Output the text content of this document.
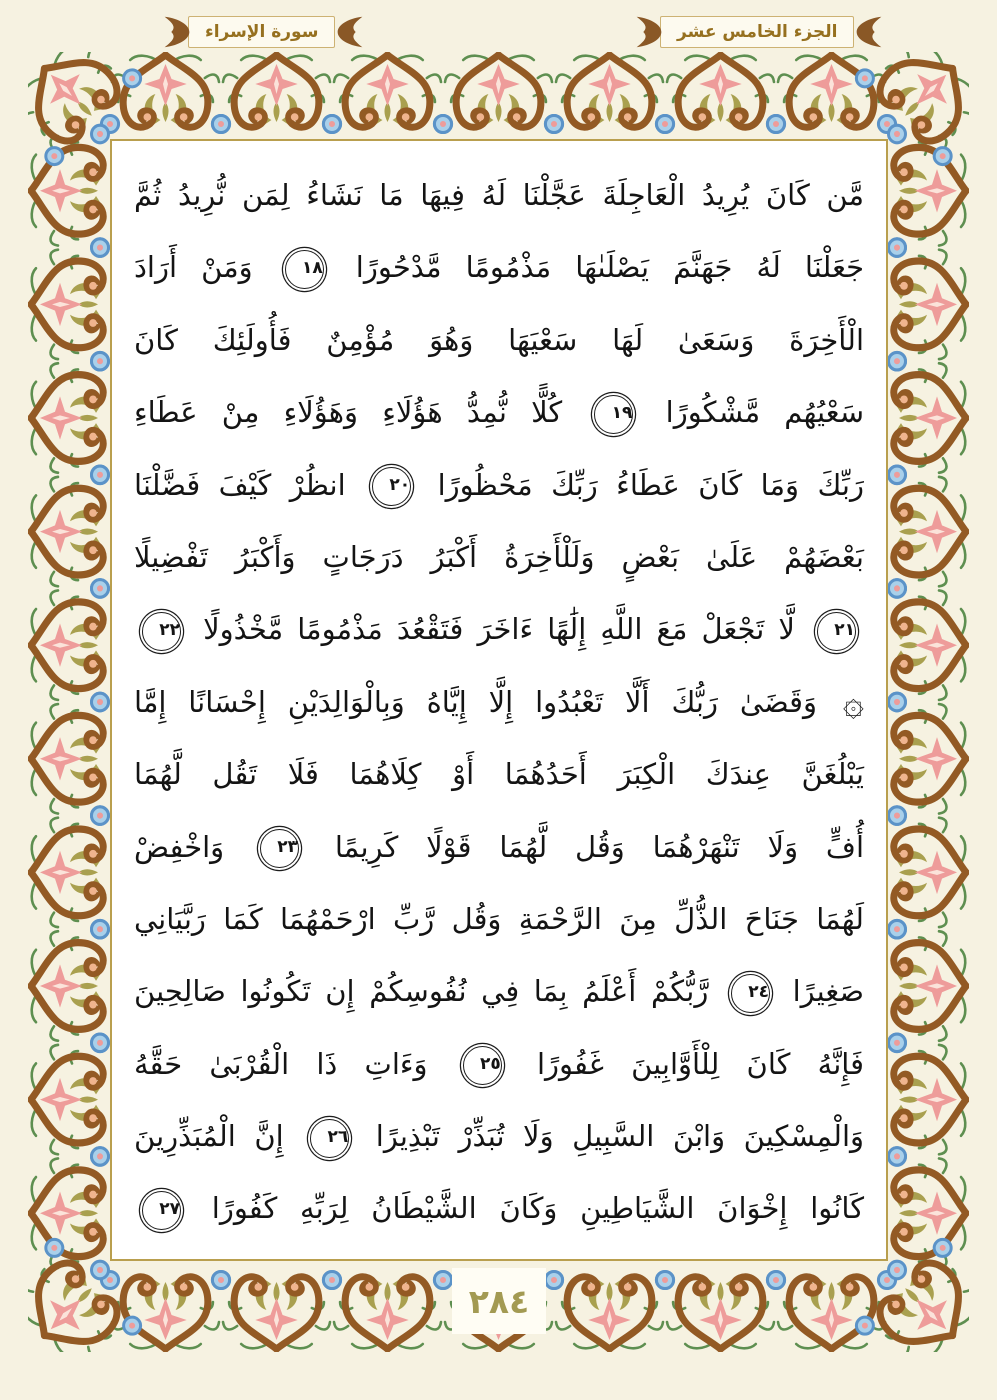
الجزء الخامس عشر
سورة الإسراء
مَّن كَانَ يُرِيدُ الْعَاجِلَةَ عَجَّلْنَا لَهُ فِيهَا مَا نَشَاءُ لِمَن نُّرِيدُ ثُمَّ
جَعَلْنَا لَهُ جَهَنَّمَ يَصْلَىٰهَا مَذْمُومًا مَّدْحُورًا ١٨ وَمَنْ أَرَادَ
الْأَخِرَةَ وَسَعَىٰ لَهَا سَعْيَهَا وَهُوَ مُؤْمِنٌ فَأُولَئِكَ كَانَ
سَعْيُهُم مَّشْكُورًا ١٩ كُلًّا نُّمِدُّ هَؤُلَاءِ وَهَؤُلَاءِ مِنْ عَطَاءِ
رَبِّكَ وَمَا كَانَ عَطَاءُ رَبِّكَ مَحْظُورًا ٢٠ انظُرْ كَيْفَ فَضَّلْنَا
بَعْضَهُمْ عَلَىٰ بَعْضٍ وَلَلْأَخِرَةُ أَكْبَرُ دَرَجَاتٍ وَأَكْبَرُ تَفْضِيلًا
٢١ لَّا تَجْعَلْ مَعَ اللَّهِ إِلَٰهًا ءَاخَرَ فَتَقْعُدَ مَذْمُومًا مَّخْذُولًا ٢٢
۞ وَقَضَىٰ رَبُّكَ أَلَّا تَعْبُدُوا إِلَّا إِيَّاهُ وَبِالْوَالِدَيْنِ إِحْسَانًا إِمَّا
يَبْلُغَنَّ عِندَكَ الْكِبَرَ أَحَدُهُمَا أَوْ كِلَاهُمَا فَلَا تَقُل لَّهُمَا
أُفٍّ وَلَا تَنْهَرْهُمَا وَقُل لَّهُمَا قَوْلًا كَرِيمًا ٢٣ وَاخْفِضْ
لَهُمَا جَنَاحَ الذُّلِّ مِنَ الرَّحْمَةِ وَقُل رَّبِّ ارْحَمْهُمَا كَمَا رَبَّيَانِي
صَغِيرًا ٢٤ رَّبُّكُمْ أَعْلَمُ بِمَا فِي نُفُوسِكُمْ إِن تَكُونُوا صَالِحِينَ
فَإِنَّهُ كَانَ لِلْأَوَّابِينَ غَفُورًا ٢٥ وَءَاتِ ذَا الْقُرْبَىٰ حَقَّهُ
وَالْمِسْكِينَ وَابْنَ السَّبِيلِ وَلَا تُبَذِّرْ تَبْذِيرًا ٢٦ إِنَّ الْمُبَذِّرِينَ
كَانُوا إِخْوَانَ الشَّيَاطِينِ وَكَانَ الشَّيْطَانُ لِرَبِّهِ كَفُورًا ٢٧
٢٨٤
